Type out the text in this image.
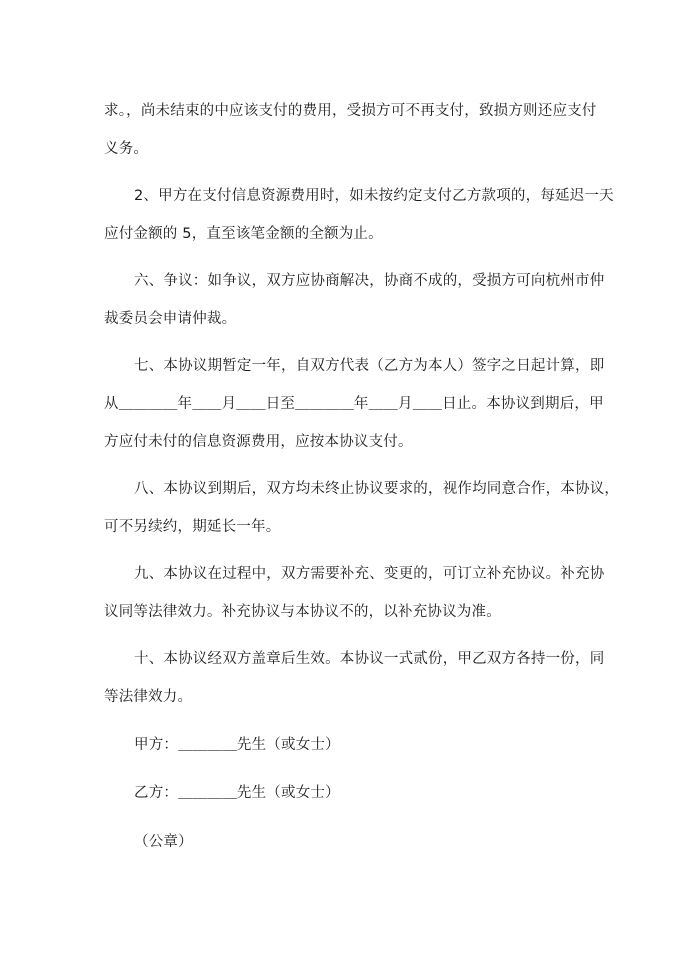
求。，尚未结束的中应该支付的费用，受损方可不再支付，致损方则还应支付
义务。
2、甲方在支付信息资源费用时，如未按约定支付乙方款项的，每延迟一天
应付金额的 5，直至该笔金额的全额为止。
六、争议：如争议，双方应协商解决，协商不成的，受损方可向杭州市仲
裁委员会申请仲裁。
七、本协议期暂定一年，自双方代表（乙方为本人）签字之日起计算，即
从＿＿＿＿年＿＿月＿＿日至＿＿＿＿年＿＿月＿＿日止。本协议到期后，甲
方应付未付的信息资源费用，应按本协议支付。
八、本协议到期后，双方均未终止协议要求的，视作均同意合作，本协议，
可不另续约，期延长一年。
九、本协议在过程中，双方需要补充、变更的，可订立补充协议。补充协
议同等法律效力。补充协议与本协议不的，以补充协议为准。
十、本协议经双方盖章后生效。本协议一式贰份，甲乙双方各持一份，同
等法律效力。
甲方：＿＿＿＿先生（或女士）
乙方：＿＿＿＿先生（或女士）
（公章）
